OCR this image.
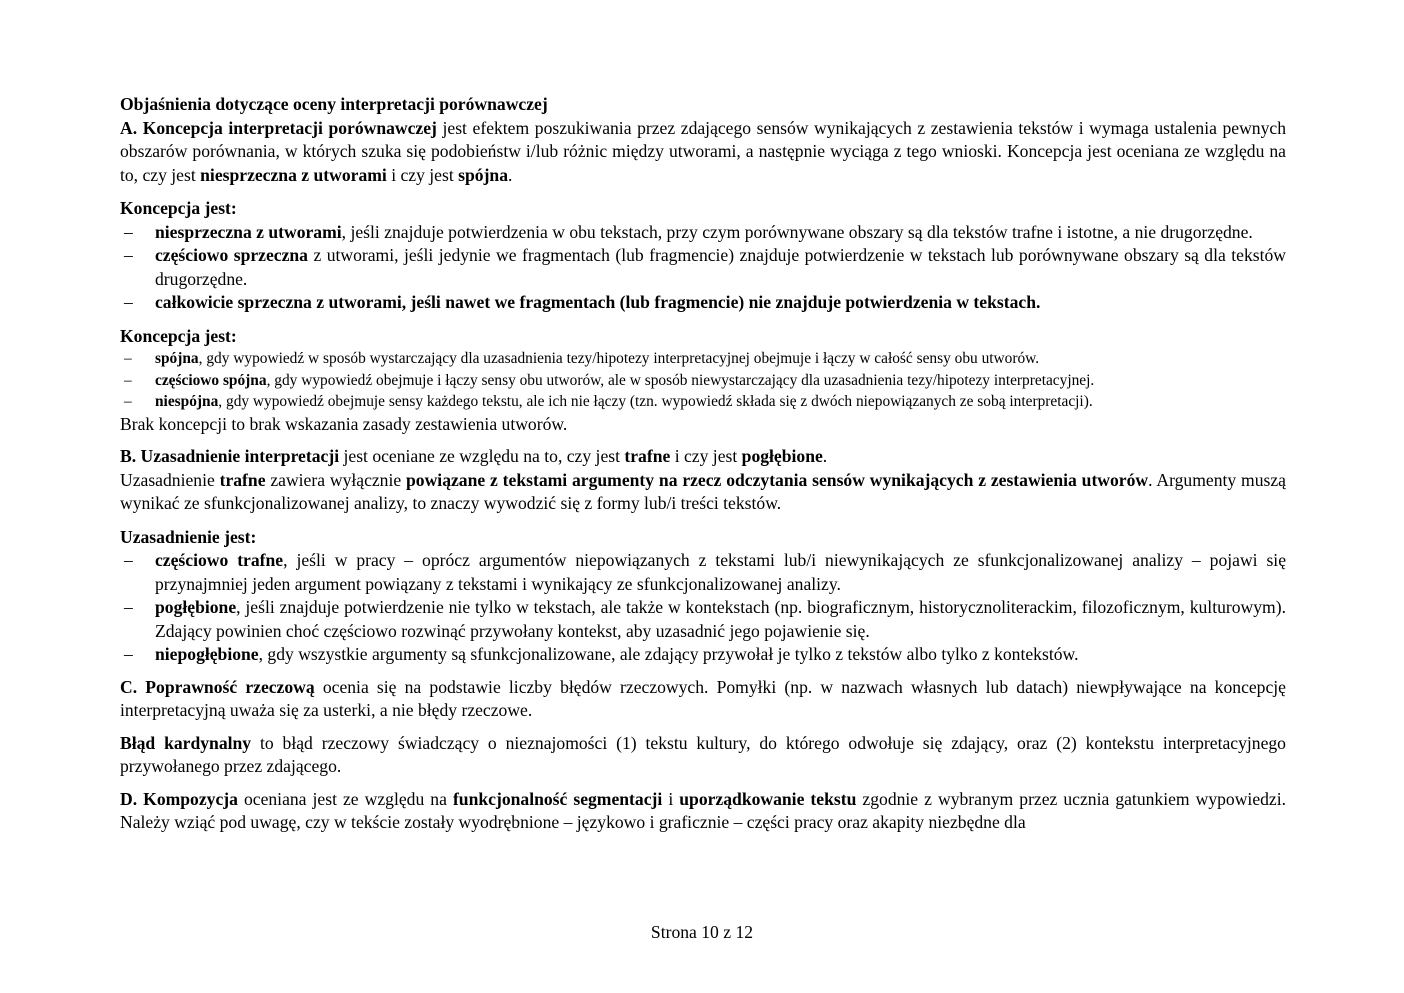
Objaśnienia dotyczące oceny interpretacji porównawczej

A. Koncepcja interpretacji porównawczej jest efektem poszukiwania przez zdającego sensów wynikających z zestawienia tekstów i wymaga ustalenia pewnych obszarów porównania, w których szuka się podobieństw i/lub różnic między utworami, a następnie wyciąga z tego wnioski. Koncepcja jest oceniana ze względu na to, czy jest niesprzeczna z utworami i czy jest spójna.

Koncepcja jest:

– niesprzeczna z utworami, jeśli znajduje potwierdzenia w obu tekstach, przy czym porównywane obszary są dla tekstów trafne i istotne, a nie drugorzędne.
– częściowo sprzeczna z utworami, jeśli jedynie we fragmentach (lub fragmencie) znajduje potwierdzenie w tekstach lub porównywane obszary są dla tekstów drugorzędne.
– całkowicie sprzeczna z utworami, jeśli nawet we fragmentach (lub fragmencie) nie znajduje potwierdzenia w tekstach.

Koncepcja jest:

– spójna, gdy wypowiedź w sposób wystarczający dla uzasadnienia tezy/hipotezy interpretacyjnej obejmuje i łączy w całość sensy obu utworów.
– częściowo spójna, gdy wypowiedź obejmuje i łączy sensy obu utworów, ale w sposób niewystarczający dla uzasadnienia tezy/hipotezy interpretacyjnej.
– niespójna, gdy wypowiedź obejmuje sensy każdego tekstu, ale ich nie łączy (tzn. wypowiedź składa się z dwóch niepowiązanych ze sobą interpretacji).

Brak koncepcji to brak wskazania zasady zestawienia utworów.

B. Uzasadnienie interpretacji jest oceniane ze względu na to, czy jest trafne i czy jest pogłębione.
Uzasadnienie trafne zawiera wyłącznie powiązane z tekstami argumenty na rzecz odczytania sensów wynikających z zestawienia utworów. Argumenty muszą wynikać ze sfunkcjonalizowanej analizy, to znaczy wywodzić się z formy lub/i treści tekstów.

Uzasadnienie jest:

– częściowo trafne, jeśli w pracy – oprócz argumentów niepowiązanych z tekstami lub/i niewynikających ze sfunkcjonalizowanej analizy – pojawi się przynajmniej jeden argument powiązany z tekstami i wynikający ze sfunkcjonalizowanej analizy.
– pogłębione, jeśli znajduje potwierdzenie nie tylko w tekstach, ale także w kontekstach (np. biograficznym, historycznoliterackim, filozoficznym, kulturowym). Zdający powinien choć częściowo rozwinąć przywołany kontekst, aby uzasadnić jego pojawienie się.
– niepogłębione, gdy wszystkie argumenty są sfunkcjonalizowane, ale zdający przywołał je tylko z tekstów albo tylko z kontekstów.

C. Poprawność rzeczową ocenia się na podstawie liczby błędów rzeczowych. Pomyłki (np. w nazwach własnych lub datach) niewpływające na koncepcję interpretacyjną uważa się za usterki, a nie błędy rzeczowe.

Błąd kardynalny to błąd rzeczowy świadczący o nieznajomości (1) tekstu kultury, do którego odwołuje się zdający, oraz (2) kontekstu interpretacyjnego przywołanego przez zdającego.

D. Kompozycja oceniana jest ze względu na funkcjonalność segmentacji i uporządkowanie tekstu zgodnie z wybranym przez ucznia gatunkiem wypowiedzi. Należy wziąć pod uwagę, czy w tekście zostały wyodrębnione – językowo i graficznie – części pracy oraz akapity niezbędne dla

Strona 10 z 12
